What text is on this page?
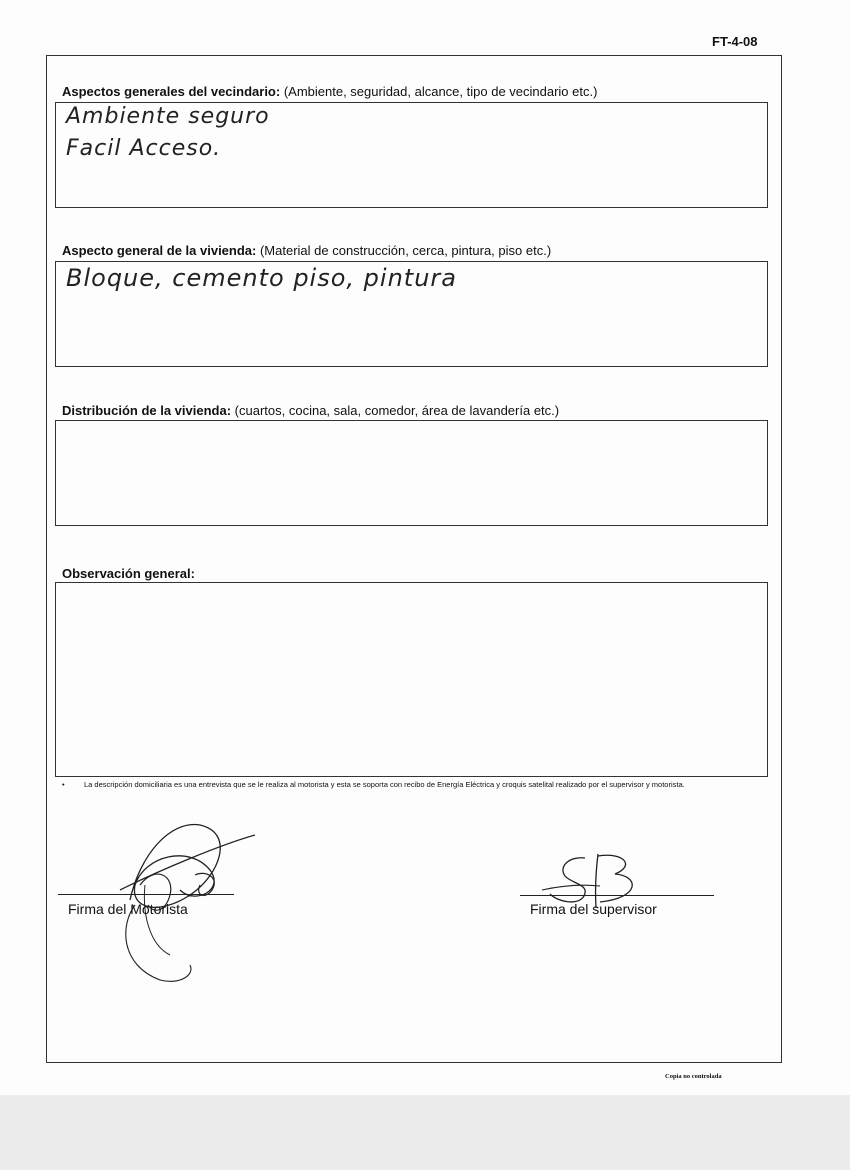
FT-4-08
Aspectos generales del vecindario: (Ambiente, seguridad, alcance, tipo de vecindario etc.)
Ambiente seguro
Facil Acceso.
Aspecto general de la vivienda: (Material de construcción, cerca, pintura, piso etc.)
Bloque, cemento piso, pintura
Distribución de la vivienda: (cuartos, cocina, sala, comedor, área de lavandería etc.)
Observación general:
•	La descripción domiciliaria es una entrevista que se le realiza al motorista y esta se soporta con recibo de Energía Eléctrica y croquis satelital realizado por el supervisor y motorista.
Firma del Motorista	Firma del supervisor
Copia no controlada
